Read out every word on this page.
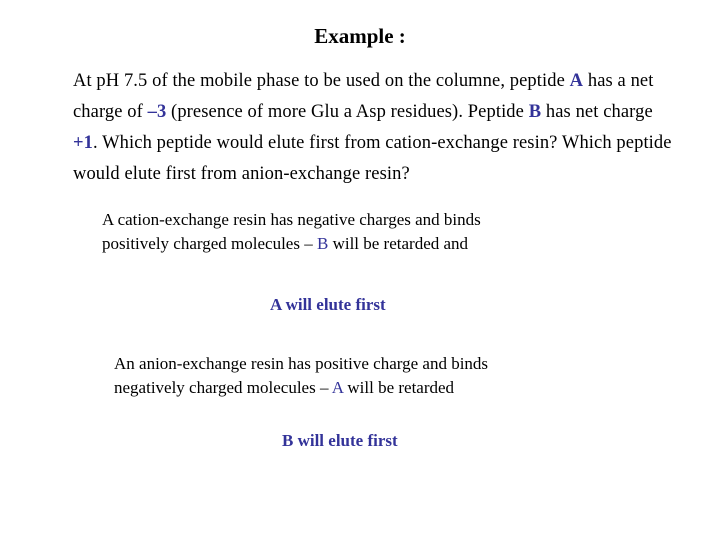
Example :
At pH 7.5 of the mobile phase to be used on the columne, peptide A has a net charge of –3 (presence of more Glu a Asp residues). Peptide B has net charge +1. Which peptide would elute first from cation-exchange resin? Which peptide would elute first from anion-exchange resin?
A cation-exchange resin has negative charges and binds
positively charged molecules – B will be retarded and
A will elute first
An anion-exchange resin has positive charge and binds
negatively charged molecules – A will be retarded
B will elute first
